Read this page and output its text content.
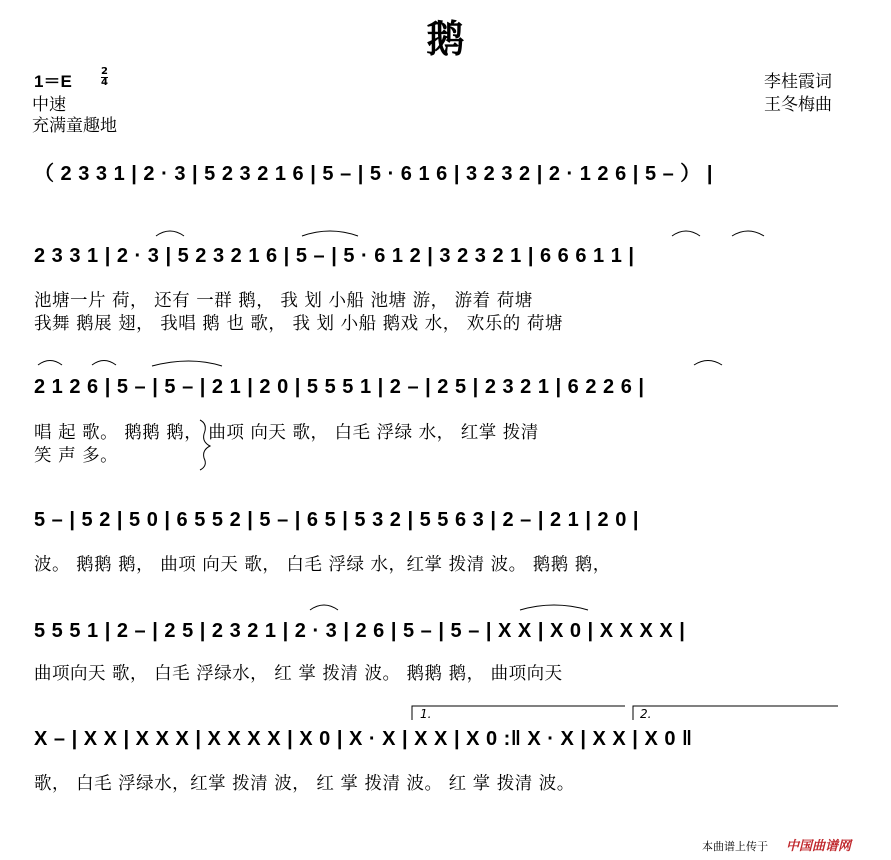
鹅
1＝E
2
4
中速
充满童趣地
李桂霞词
王冬梅曲
（ 2 3 3 1 | 2 · 3 | 5 2 3 2 1 6 | 5 – | 5 · 6 1 6 | 3 2 3 2 | 2 · 1 2 6 | 5 – ） |
2 3 3 1 | 2 · 3 | 5 2 3 2 1 6 | 5 – | 5 · 6 1 2 | 3 2 3 2 1 | 6 6 6 1 1 |
2 1 2 6 | 5 – | 5 – | 2 1 | 2 0 | 5 5 5 1 | 2 – | 2 5 | 2 3 2 1 | 6 2 2 6 |
5 – | 5 2 | 5 0 | 6 5 5 2 | 5 – | 6 5 | 5 3 2 | 5 5 6 3 | 2 – | 2 1 | 2 0 |
5 5 5 1 | 2 – | 2 5 | 2 3 2 1 | 2 · 3 | 2 6 | 5 – | 5 – | X X | X 0 | X X X X |
X – | X X | X X X | X X X X | X 0 | X · X | X X | X 0 :‖ X · X | X X | X 0 ‖
池塘一片 荷， 还有 一群 鹅， 我 划 小船 池塘 游， 游着 荷塘
我舞 鹅展 翅， 我唱 鹅 也 歌， 我 划 小船 鹅戏 水， 欢乐的 荷塘
唱 起 歌。 鹅鹅 鹅， 曲项 向天 歌， 白毛 浮绿 水， 红掌 拨清
笑 声 多。
波。 鹅鹅 鹅， 曲项 向天 歌， 白毛 浮绿 水，红掌 拨清 波。 鹅鹅 鹅，
曲项向天 歌， 白毛 浮绿水， 红 掌 拨清 波。 鹅鹅 鹅， 曲项向天
歌， 白毛 浮绿水，红掌 拨清 波， 红 掌 拨清 波。 红 掌 拨清 波。
1.	2.
本曲谱上传于 中国曲谱网
